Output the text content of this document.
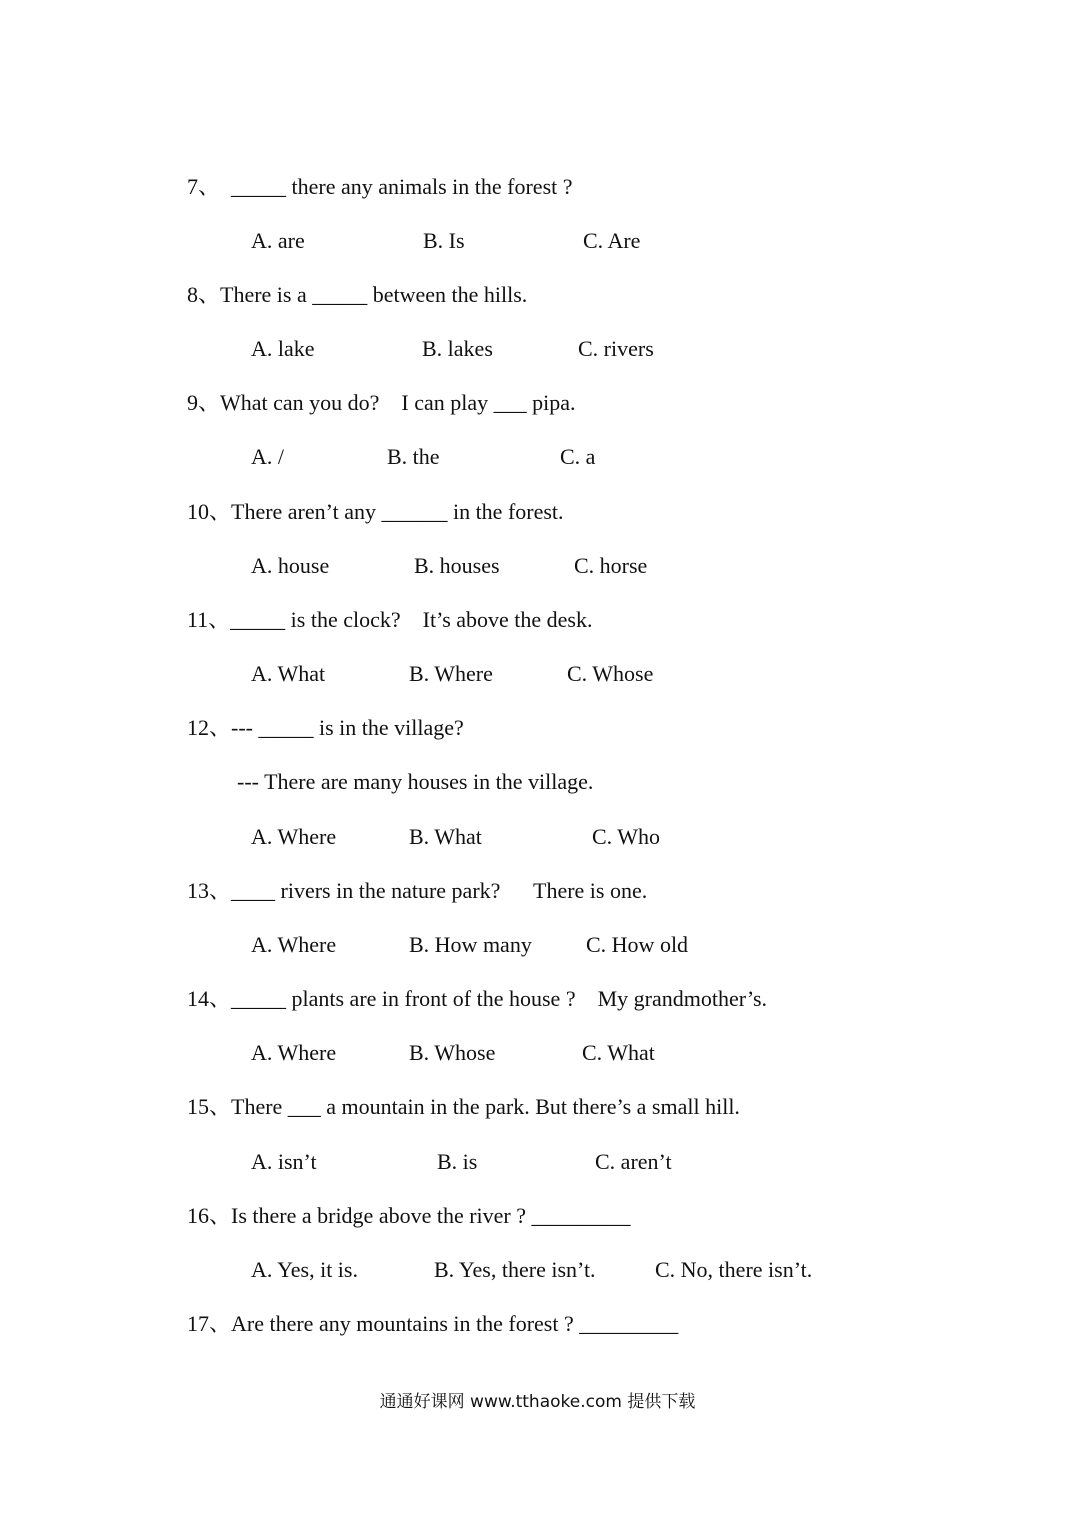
7、  _____ there any animals in the forest ?
A. are	B. Is	C. Are
8、There is a _____ between the hills.
A. lake	B. lakes	C. rivers
9、What can you do?    I can play ___ pipa.
A. /	B. the	C. a
10、There aren’t any ______ in the forest.
A. house	B. houses	C. horse
11、_____ is the clock?    It’s above the desk.
A. What	B. Where	C. Whose
12、--- _____ is in the village?
--- There are many houses in the village.
A. Where	B. What	C. Who
13、____ rivers in the nature park?      There is one.
A. Where	B. How many C. How old
14、_____ plants are in front of the house ?    My grandmother’s.
A. Where	B. Whose	C. What
15、There ___ a mountain in the park. But there’s a small hill.
A. isn’t	B. is	C. aren’t
16、Is there a bridge above the river ? _________
A. Yes, it is.	B. Yes, there isn’t.	C. No, there isn’t.
17、Are there any mountains in the forest ? _________
通通好课网 www.tthaoke.com 提供下载
